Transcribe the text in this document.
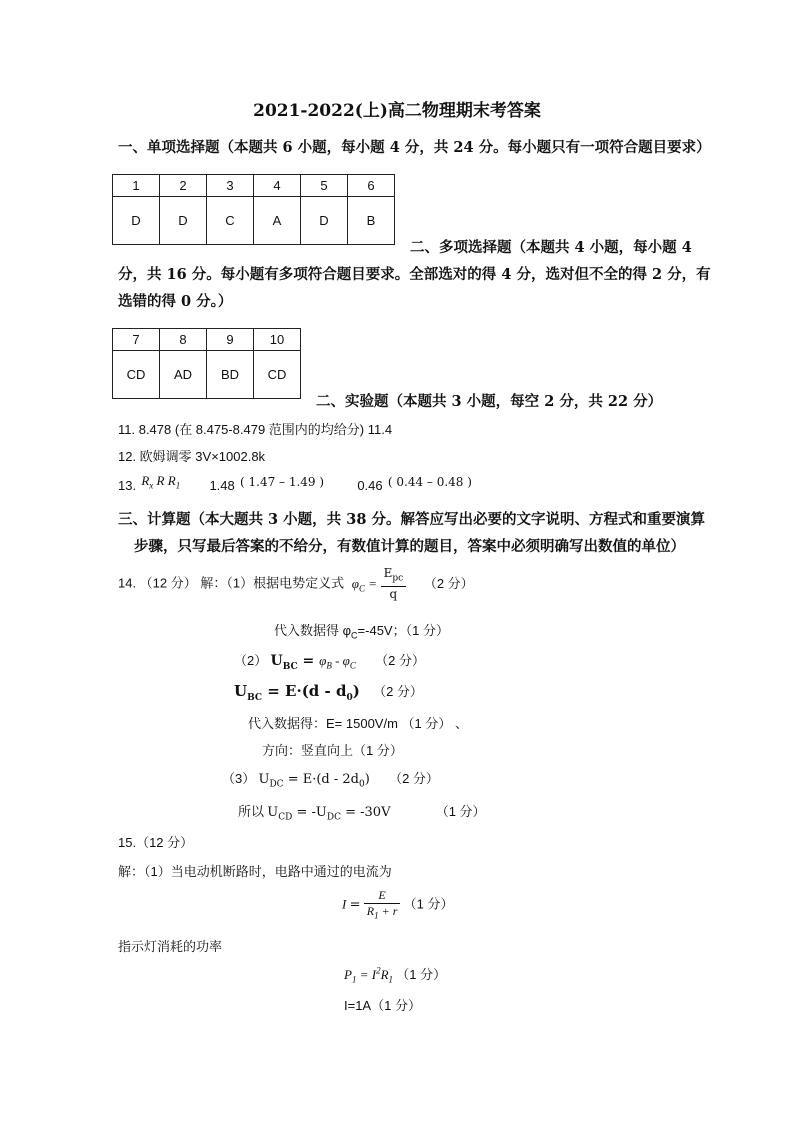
2021-2022(上)高二物理期末考答案
一、单项选择题（本题共 6 小题，每小题 4 分，共 24 分。每小题只有一项符合题目要求）
1	2	3	4	5	6
D	D	C	A	D	B
二、多项选择题（本题共 4 小题，每小题 4
分，共 16 分。每小题有多项符合题目要求。全部选对的得 4 分，选对但不全的得 2 分，有
选错的得 0 分。）
7	8	9	10
CD	AD	BD	CD
二、实验题（本题共 3 小题，每空 2 分，共 22 分）
11. 8.478 (在 8.475-8.479 范围内的均给分) 11.4
12. 欧姆调零 3V×1002.8k
13. $R_x$ R $R_1$ 1.48 ( 1.47 – 1.49 )	0.46 ( 0.44 – 0.48 )
三、计算题（本大题共 3 小题，共 38 分。解答应写出必要的文字说明、方程式和重要演算
步骤，只写最后答案的不给分，有数值计算的题目，答案中必须明确写出数值的单位）
14. （12 分） 解：（1）根据电势定义式 $\varphi_C = \frac{E_{pc}}{q} (2$ 分）
代入数据得 $\varphi_C=-45V$；（1 分）
（2） $U_{BC} = \varphi_B - \varphi_C$ （2 分）
$U_{BC} = E\cdot(d - d_0)$ （2 分）
代入数据得：E= 1500V/m （1 分） 、
方向：竖直向上（1 分）
（3） $U_{DC} = E\cdot(d - 2d_0)$ （2 分）
所以 $U_{CD} = -U_{DC} = -30V$	（1 分）
15.（12 分）
解：（1）当电动机断路时，电路中通过的电流为
$I = \frac{E}{R_1 + r} (1$ 分）
指示灯消耗的功率
$P_1 = I^2R_1$ （1 分）
I=1A（1 分）
